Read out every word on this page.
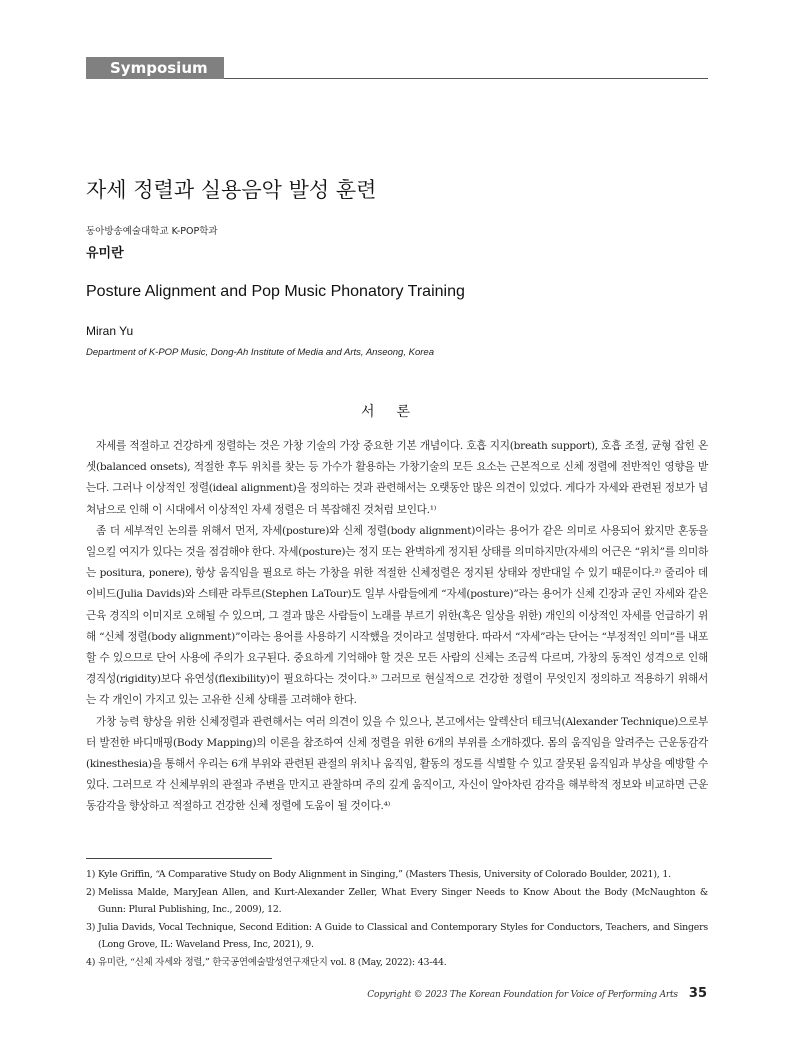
Symposium
자세 정렬과 실용음악 발성 훈련
동아방송예술대학교 K-POP학과
유미란
Posture Alignment and Pop Music Phonatory Training
Miran Yu
Department of K-POP Music, Dong-Ah Institute of Media and Arts, Anseong, Korea
서론

자세를 적절하고 건강하게 정렬하는 것은 가창 기술의 가장 중요한 기본 개념이다. 호흡 지지(breath support), 호흡 조절, 균형 잡힌 온셋(balanced onsets), 적절한 후두 위치를 찾는 등 가수가 활용하는 가창기술의 모든 요소는 근본적으로 신체 정렬에 전반적인 영향을 받는다. 그러나 이상적인 정렬(ideal alignment)을 정의하는 것과 관련해서는 오랫동안 많은 의견이 있었다. 게다가 자세와 관련된 정보가 넘쳐남으로 인해 이 시대에서 이상적인 자세 정렬은 더 복잡해진 것처럼 보인다.¹⁾

좀 더 세부적인 논의를 위해서 먼저, 자세(posture)와 신체 정렬(body alignment)이라는 용어가 같은 의미로 사용되어 왔지만 혼동을 일으킬 여지가 있다는 것을 점검해야 한다. 자세(posture)는 정지 또는 완벽하게 정지된 상태를 의미하지만(자세의 어근은 “위치”를 의미하는 positura, ponere), 항상 움직임을 필요로 하는 가창을 위한 적절한 신체정렬은 정지된 상태와 정반대일 수 있기 때문이다.²⁾ 줄리아 데이비드(Julia Davids)와 스테판 라투르(Stephen LaTour)도 일부 사람들에게 “자세(posture)”라는 용어가 신체 긴장과 굳인 자세와 같은 근육 경직의 이미지로 오해될 수 있으며, 그 결과 많은 사람들이 노래를 부르기 위한(혹은 일상을 위한) 개인의 이상적인 자세를 언급하기 위해 “신체 정렬(body alignment)”이라는 용어를 사용하기 시작했을 것이라고 설명한다. 따라서 “자세”라는 단어는 “부정적인 의미”를 내포할 수 있으므로 단어 사용에 주의가 요구된다. 중요하게 기억해야 할 것은 모든 사람의 신체는 조금씩 다르며, 가창의 동적인 성격으로 인해 경직성(rigidity)보다 유연성(flexibility)이 필요하다는 것이다.³⁾ 그러므로 현실적으로 건강한 정렬이 무엇인지 정의하고 적용하기 위해서는 각 개인이 가지고 있는 고유한 신체 상태를 고려해야 한다.

가창 능력 향상을 위한 신체정렬과 관련해서는 여러 의견이 있을 수 있으나, 본고에서는 알렉산더 테크닉(Alexander Technique)으로부터 발전한 바디매핑(Body Mapping)의 이론을 참조하여 신체 정렬을 위한 6개의 부위를 소개하겠다. 몸의 움직임을 알려주는 근운동감각(kinesthesia)을 통해서 우리는 6개 부위와 관련된 관절의 위치나 움직임, 활동의 정도를 식별할 수 있고 잘못된 움직임과 부상을 예방할 수 있다. 그러므로 각 신체부위의 관절과 주변을 만지고 관찰하며 주의 깊게 움직이고, 자신이 알아차린 감각을 해부학적 정보와 비교하면 근운동감각을 향상하고 적절하고 건강한 신체 정렬에 도움이 될 것이다.⁴⁾

1) Kyle Griffin, “A Comparative Study on Body Alignment in Singing,” (Masters Thesis, University of Colorado Boulder, 2021), 1.
2) Melissa Malde, MaryJean Allen, and Kurt-Alexander Zeller, What Every Singer Needs to Know About the Body (McNaughton & Gunn: Plural Publishing, Inc., 2009), 12.
3) Julia Davids, Vocal Technique, Second Edition: A Guide to Classical and Contemporary Styles for Conductors, Teachers, and Singers (Long Grove, IL: Waveland Press, Inc, 2021), 9.
4) 유미란, “신체 자세와 정렬,” 한국공연예술발성연구재단지 vol. 8 (May, 2022): 43-44.
Copyright © 2023 The Korean Foundation for Voice of Performing Arts 35
